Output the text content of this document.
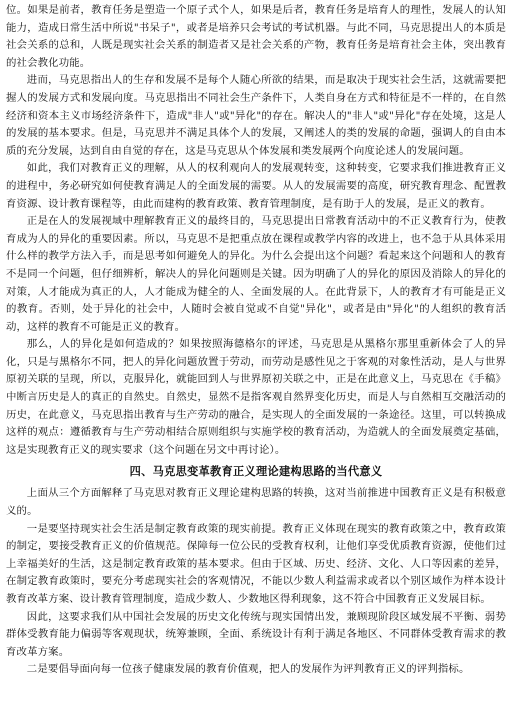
位。如果是前者，教育任务是塑造一个原子式个人，如果是后者，教育任务是培育人的理性，发展人的认知能力，造成日常生活中所说"书呆子"，或者是培养只会考试的考试机器。与此不同，马克思提出人的本质是社会关系的总和，人既是现实社会关系的制造者又是社会关系的产物，教育任务是培育社会主体，突出教育的社会教化功能。

进而，马克思指出人的生存和发展不是每个人随心所欲的结果，而是取决于现实社会生活，这就需要把握人的发展方式和发展向度。马克思指出不同社会生产条件下，人类自身在方式和特征是不一样的，在自然经济和资本主义市场经济条件下，造成"非人"或"异化"的存在。解决人的"非人"或"异化"存在处境，这是人的发展的基本要求。但是，马克思并不满足具体个人的发展，又阐述人的类的发展的命题，强调人的自由本质的充分发展，达到自由自觉的存在，这是马克思从个体发展和类发展两个向度论述人的发展问题。

如此，我们对教育正义的理解，从人的权利观向人的发展观转变，这种转变，它要求我们推进教育正义的进程中，务必研究如何使教育满足人的全面发展的需要。从人的发展需要的高度，研究教育理念、配置教育资源、设计教育课程等，由此而建构的教育政策、教育管理制度，是有助于人的发展，是正义的教育。

正是在人的发展视域中理解教育正义的最终目的，马克思提出日常教育活动中的不正义教育行为，使教育成为人的异化的重要因素。所以，马克思不是把重点放在课程或教学内容的改进上，也不急于从具体采用什么样的教学方法入手，而是思考如何避免人的异化。为什么会提出这个问题？看起来这个问题和人的教育不是同一个问题，但仔细辨析，解决人的异化问题则是关键。因为明确了人的异化的原因及消除人的异化的对策，人才能成为真正的人，人才能成为健全的人、全面发展的人。在此背景下，人的教育才有可能是正义的教育。否则，处于异化的社会中，人随时会被自觉或不自觉"异化"，或者是由"异化"的人组织的教育活动，这样的教育不可能是正义的教育。

那么，人的异化是如何造成的？如果按照海德格尔的评述，马克思是从黑格尔那里重新体会了人的异化，只是与黑格尔不同，把人的异化问题放置于劳动，而劳动是感性见之于客观的对象性活动，是人与世界原初关联的呈现，所以，克服异化，就能回到人与世界原初关联之中，正是在此意义上，马克思在《手稿》中断言历史是人的真正的自然史。自然史，显然不是指客观自然界变化历史，而是人与自然相互交融活动的历史，在此意义，马克思指出教育与生产劳动的融合，是实现人的全面发展的一条途径。这里，可以转换成这样的观点：遵循教育与生产劳动相结合原则组织与实施学校的教育活动，为造就人的全面发展奠定基础，这是实现教育正义的现实要求（这个问题在另文中再讨论）。

四、马克思变革教育正义理论建构思路的当代意义

上面从三个方面解释了马克思对教育正义理论建构思路的转换，这对当前推进中国教育正义是有积极意义的。

一是要坚持现实社会生活是制定教育政策的现实前提。教育正义体现在现实的教育政策之中，教育政策的制定，要接受教育正义的价值规范。保障每一位公民的受教育权利，让他们享受优质教育资源，使他们过上幸福美好的生活，这是制定教育政策的基本要求。但由于区域、历史、经济、文化、人口等因素的差异，在制定教育政策时，要充分考虑现实社会的客观情况，不能以少数人利益需求或者以个别区域作为样本设计教育改革方案、设计教育管理制度，造成少数人、少数地区得利现象，这不符合中国教育正义发展目标。

因此，这要求我们从中国社会发展的历史文化传统与现实国情出发，兼顾现阶段区域发展不平衡、弱势群体受教育能力偏弱等客观现状，统筹兼顾，全面、系统设计有利于满足各地区、不同群体受教育需求的教育改革方案。

二是要倡导面向每一位孩子健康发展的教育价值观，把人的发展作为评判教育正义的评判指标。
